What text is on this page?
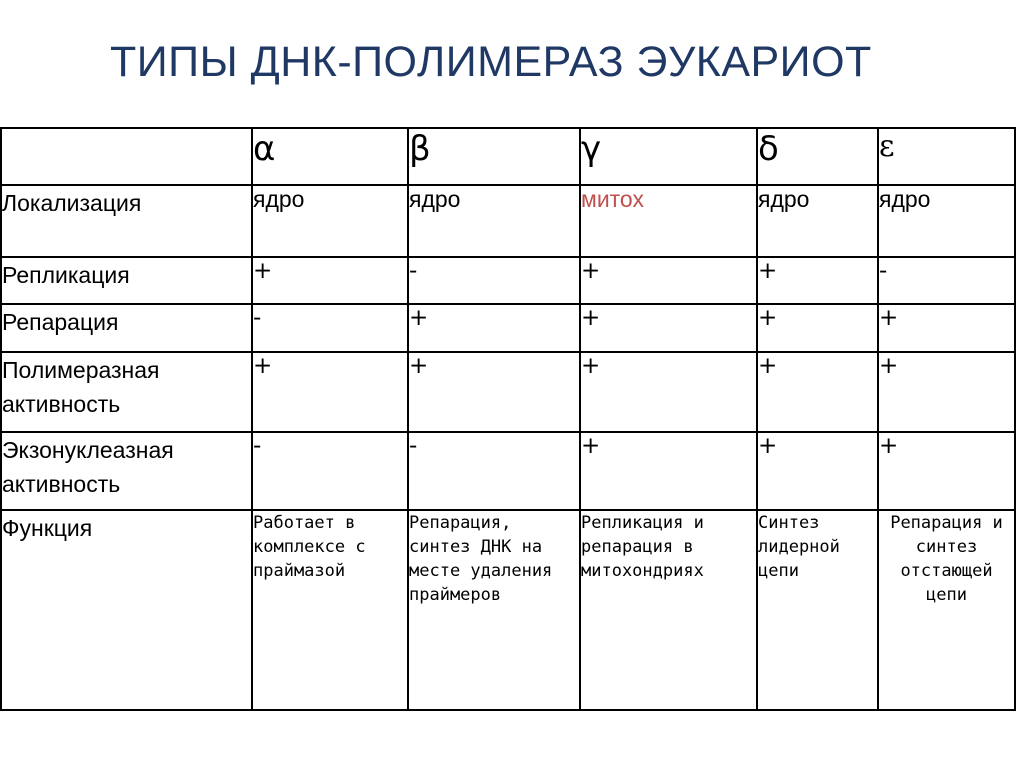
ТИПЫ ДНК-ПОЛИМЕРАЗ ЭУКАРИОТ
	α	β	γ	δ	ε
Локализация	ядро	ядро	митох	ядро	ядро
Репликация	+	-	+	+	-
Репарация	-	+	+	+	+
Полимеразная активность	+	+	+	+	+
Экзонуклеазная активность	-	-	+	+	+
Функция	Работает в комплексе с праймазой	Репарация, синтез ДНК на месте удаления праймеров	Репликация и репарация в митохондриях	Синтез лидерной цепи	Репарация и синтез отстающей цепи
